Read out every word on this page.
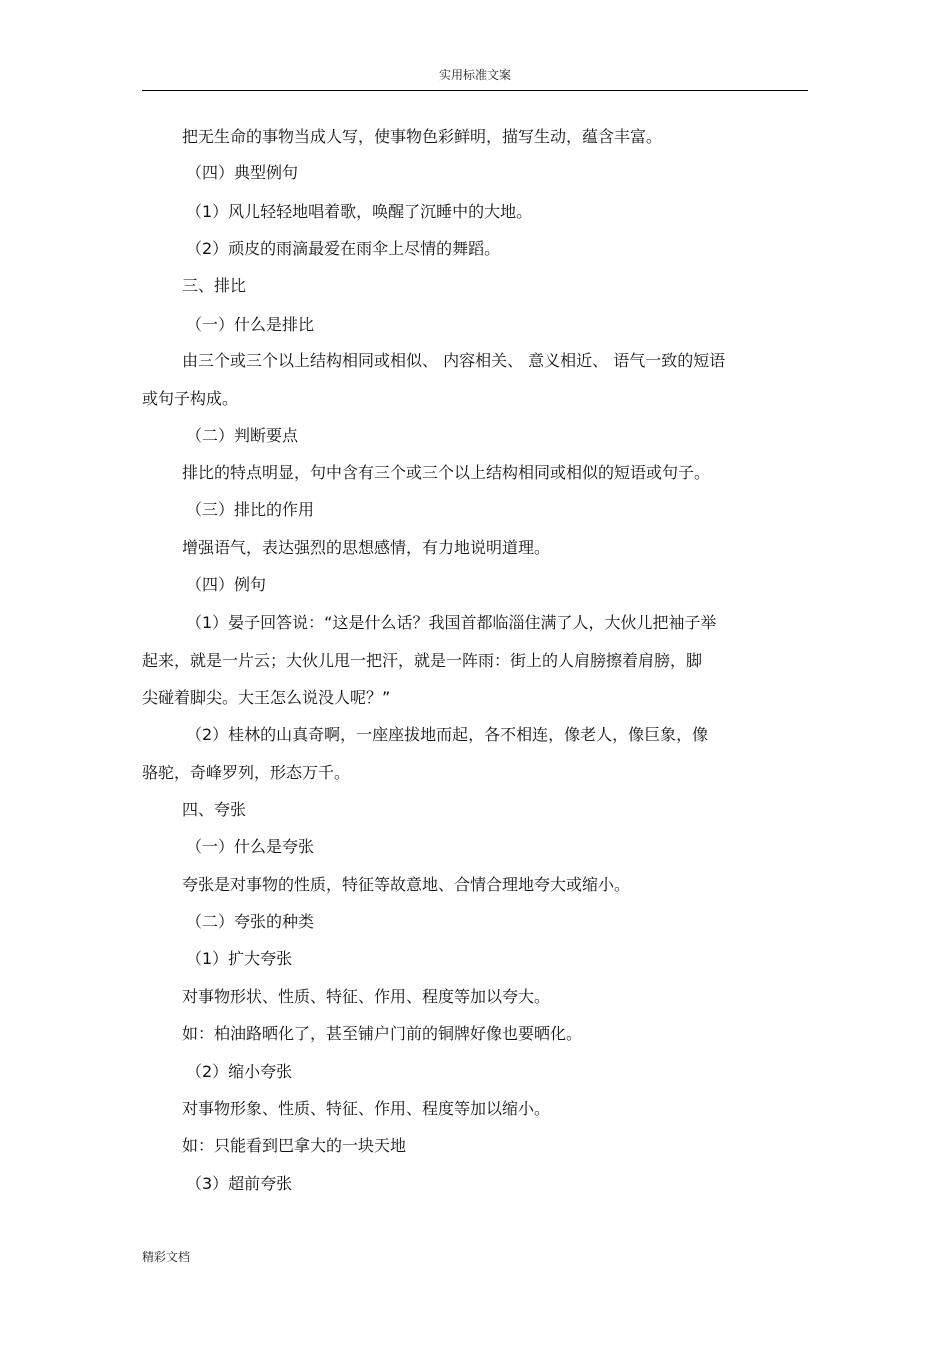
实用标准文案
把无生命的事物当成人写，使事物色彩鲜明，描写生动，蕴含丰富。
（四）典型例句
（1）风儿轻轻地唱着歌，唤醒了沉睡中的大地。
（2）顽皮的雨滴最爱在雨伞上尽情的舞蹈。
三、排比
（一）什么是排比
由三个或三个以上结构相同或相似、 内容相关、 意义相近、 语气一致的短语
或句子构成。
（二）判断要点
排比的特点明显，句中含有三个或三个以上结构相同或相似的短语或句子。
（三）排比的作用
增强语气，表达强烈的思想感情，有力地说明道理。
（四）例句
（1）晏子回答说：“这是什么话？我国首都临淄住满了人，大伙儿把袖子举
起来，就是一片云；大伙儿甩一把汗，就是一阵雨：街上的人肩膀擦着肩膀，脚
尖碰着脚尖。大王怎么说没人呢？”
（2）桂林的山真奇啊，一座座拔地而起，各不相连，像老人，像巨象，像
骆驼，奇峰罗列，形态万千。
四、夸张
（一）什么是夸张
夸张是对事物的性质，特征等故意地、合情合理地夸大或缩小。
（二）夸张的种类
（1）扩大夸张
对事物形状、性质、特征、作用、程度等加以夸大。
如：柏油路晒化了，甚至铺户门前的铜牌好像也要晒化。
（2）缩小夸张
对事物形象、性质、特征、作用、程度等加以缩小。
如：只能看到巴拿大的一块天地
（3）超前夸张
精彩文档
